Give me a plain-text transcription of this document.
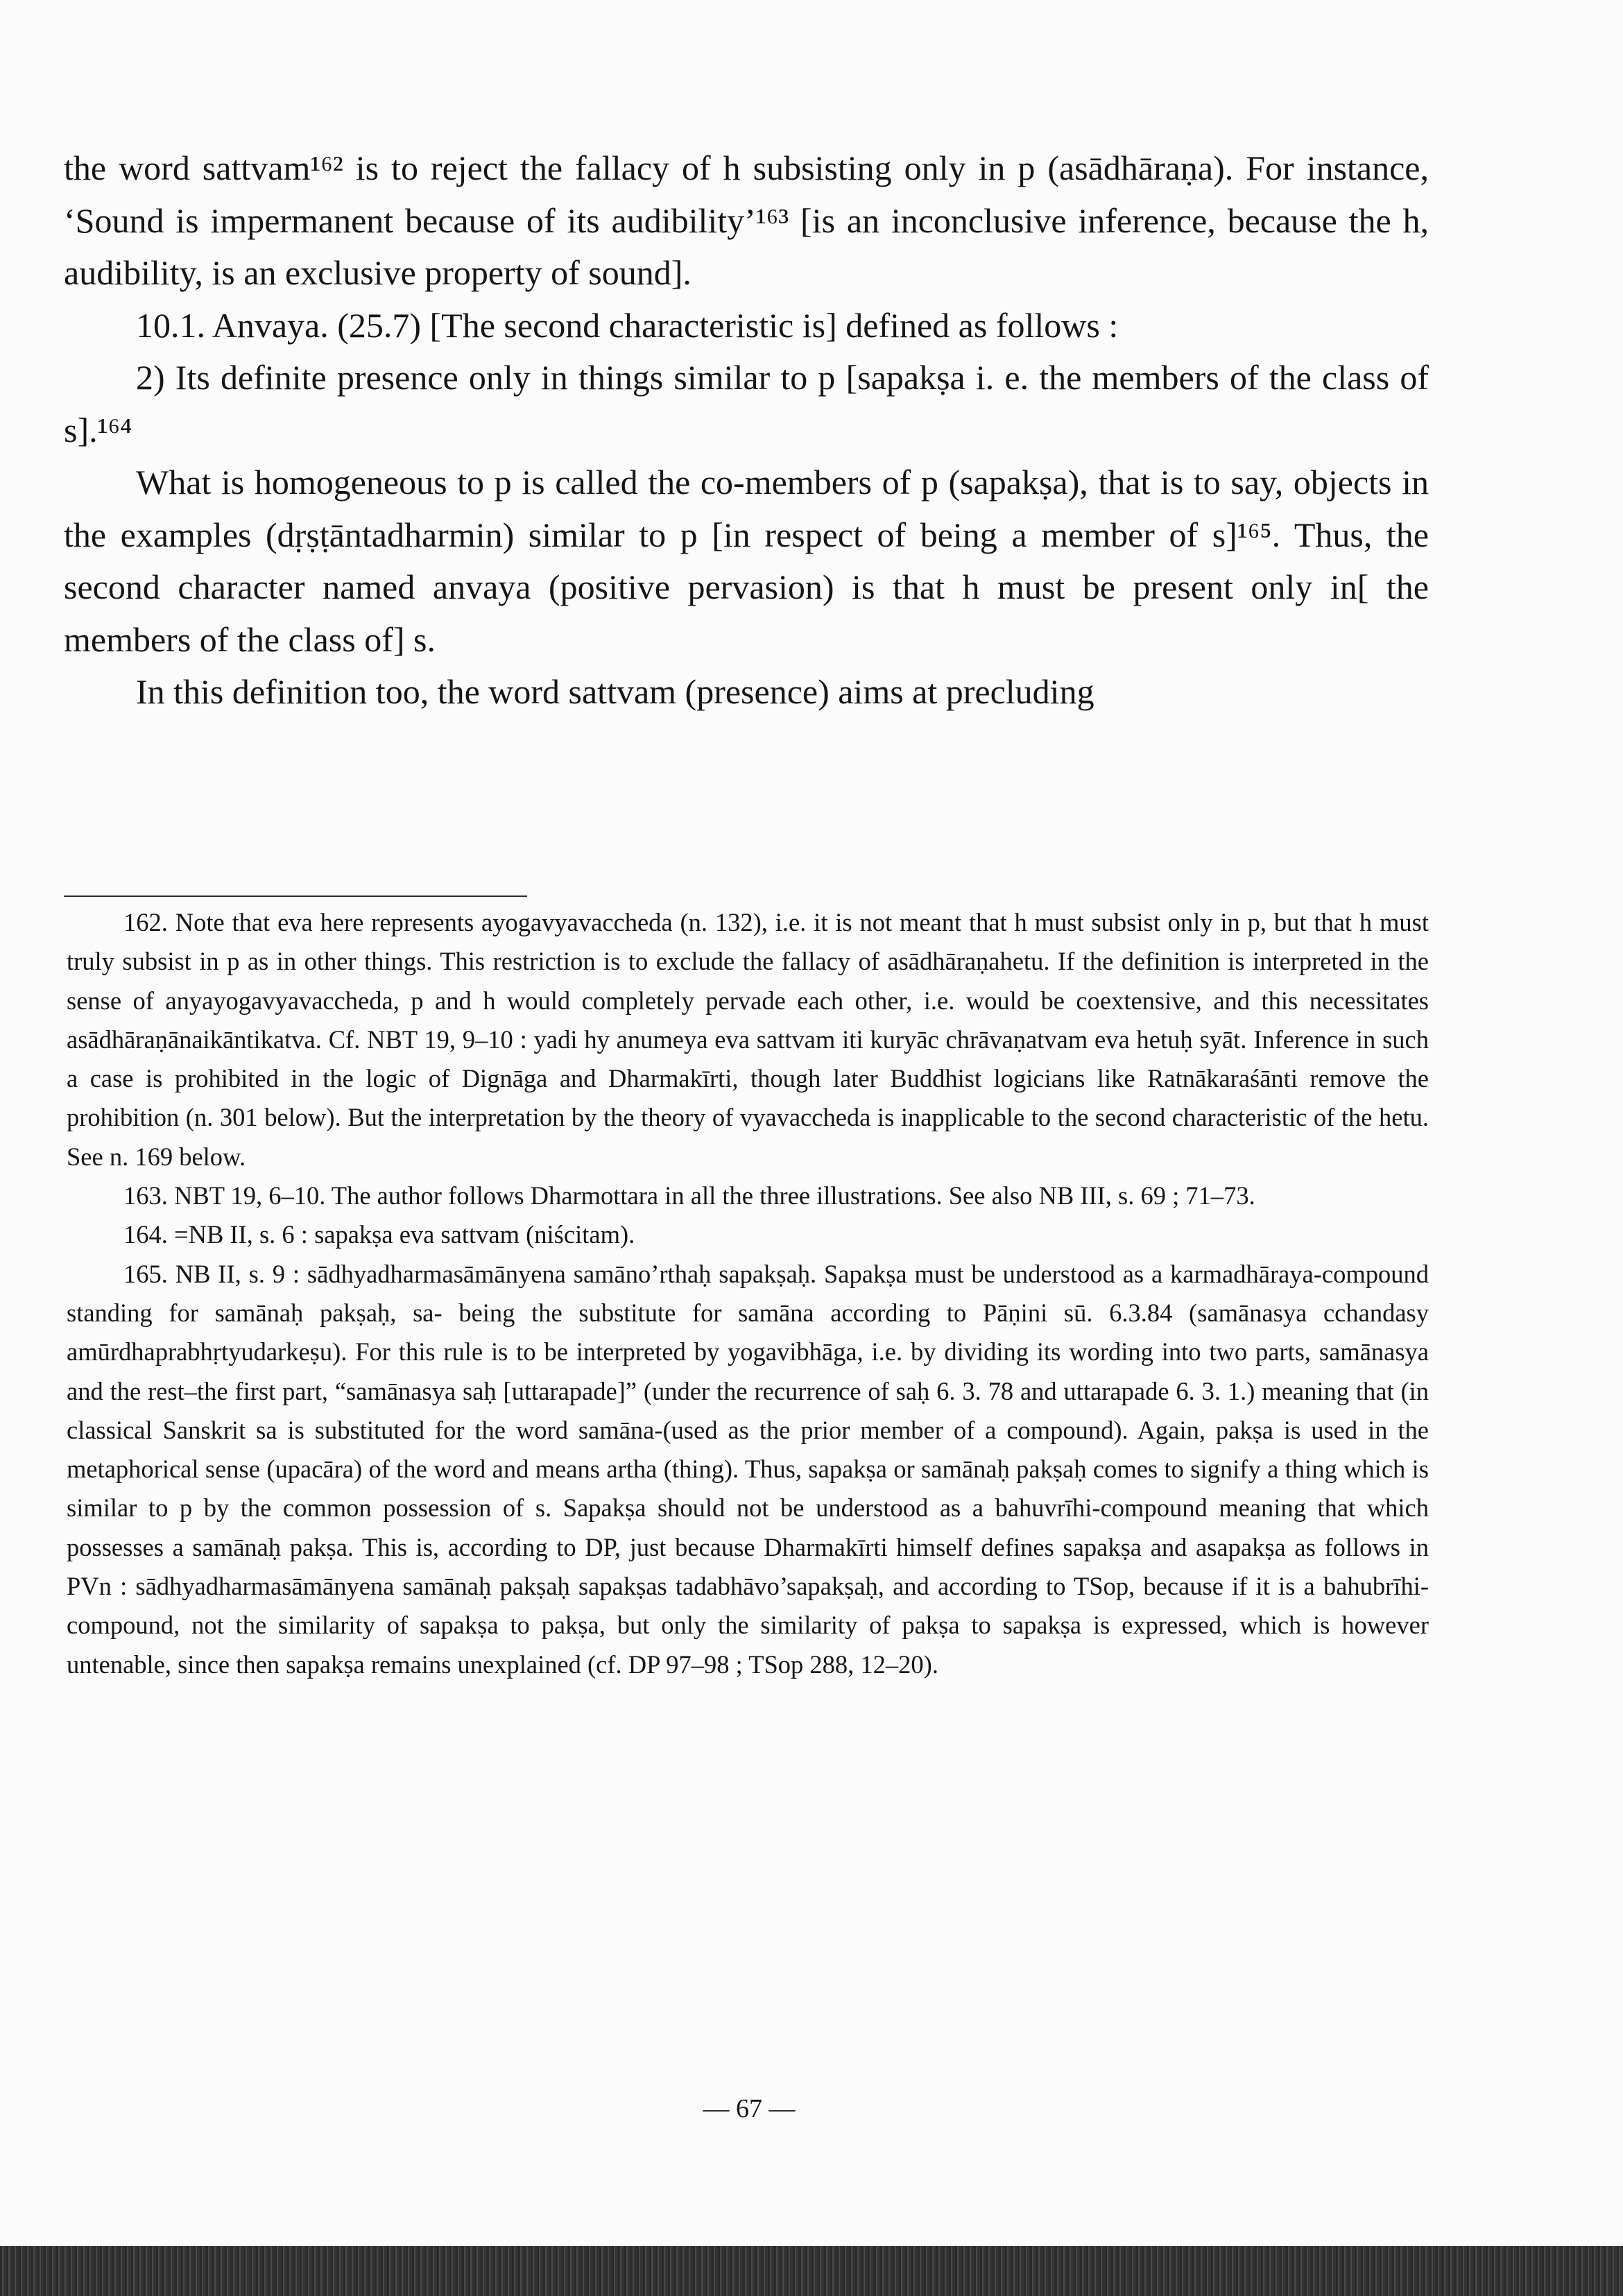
the word sattvam¹⁶² is to reject the fallacy of h subsisting only in p (asādhāraṇa). For instance, ‘Sound is impermanent because of its audibility’¹⁶³ [is an inconclusive inference, because the h, audibility, is an exclusive property of sound].

10.1. Anvaya. (25.7) [The second characteristic is] defined as follows :

2) Its definite presence only in things similar to p [sapakṣa i. e. the members of the class of s].¹⁶⁴

What is homogeneous to p is called the co-members of p (sapakṣa), that is to say, objects in the examples (dṛṣṭāntadharmin) similar to p [in respect of being a member of s]¹⁶⁵. Thus, the second character named anvaya (positive pervasion) is that h must be present only in[ the members of the class of] s.

In this definition too, the word sattvam (presence) aims at precluding

162. Note that eva here represents ayogavyavaccheda (n. 132), i.e. it is not meant that h must subsist only in p, but that h must truly subsist in p as in other things. This restriction is to exclude the fallacy of asādhāraṇahetu. If the definition is interpreted in the sense of anyayogavyavaccheda, p and h would completely pervade each other, i.e. would be coextensive, and this necessitates asādhāraṇānaikāntikatva. Cf. NBT 19, 9–10 : yadi hy anumeya eva sattvam iti kuryāc chrāvaṇatvam eva hetuḥ syāt. Inference in such a case is prohibited in the logic of Dignāga and Dharmakīrti, though later Buddhist logicians like Ratnākaraśānti remove the prohibition (n. 301 below). But the interpretation by the theory of vyavaccheda is inapplicable to the second characteristic of the hetu. See n. 169 below.

163. NBT 19, 6–10. The author follows Dharmottara in all the three illustrations. See also NB III, s. 69 ; 71–73.

164. =NB II, s. 6 : sapakṣa eva sattvam (niścitam).

165. NB II, s. 9 : sādhyadharmasāmānyena samāno’rthaḥ sapakṣaḥ. Sapakṣa must be understood as a karmadhāraya-compound standing for samānaḥ pakṣaḥ, sa- being the substitute for samāna according to Pāṇini sū. 6.3.84 (samānasya cchandasy amūrdhaprabhṛtyudarkeṣu). For this rule is to be interpreted by yogavibhāga, i.e. by dividing its wording into two parts, samānasya and the rest–the first part, “samānasya saḥ [uttarapade]” (under the recurrence of saḥ 6. 3. 78 and uttarapade 6. 3. 1.) meaning that (in classical Sanskrit sa is substituted for the word samāna-(used as the prior member of a compound). Again, pakṣa is used in the metaphorical sense (upacāra) of the word and means artha (thing). Thus, sapakṣa or samānaḥ pakṣaḥ comes to signify a thing which is similar to p by the common possession of s. Sapakṣa should not be understood as a bahuvrīhi-compound meaning that which possesses a samānaḥ pakṣa. This is, according to DP, just because Dharmakīrti himself defines sapakṣa and asapakṣa as follows in PVn : sādhyadharmasāmānyena samānaḥ pakṣaḥ sapakṣas tadabhāvo’sapakṣaḥ, and according to TSop, because if it is a bahubrīhi-compound, not the similarity of sapakṣa to pakṣa, but only the similarity of pakṣa to sapakṣa is expressed, which is however untenable, since then sapakṣa remains unexplained (cf. DP 97–98 ; TSop 288, 12–20).

— 67 —
